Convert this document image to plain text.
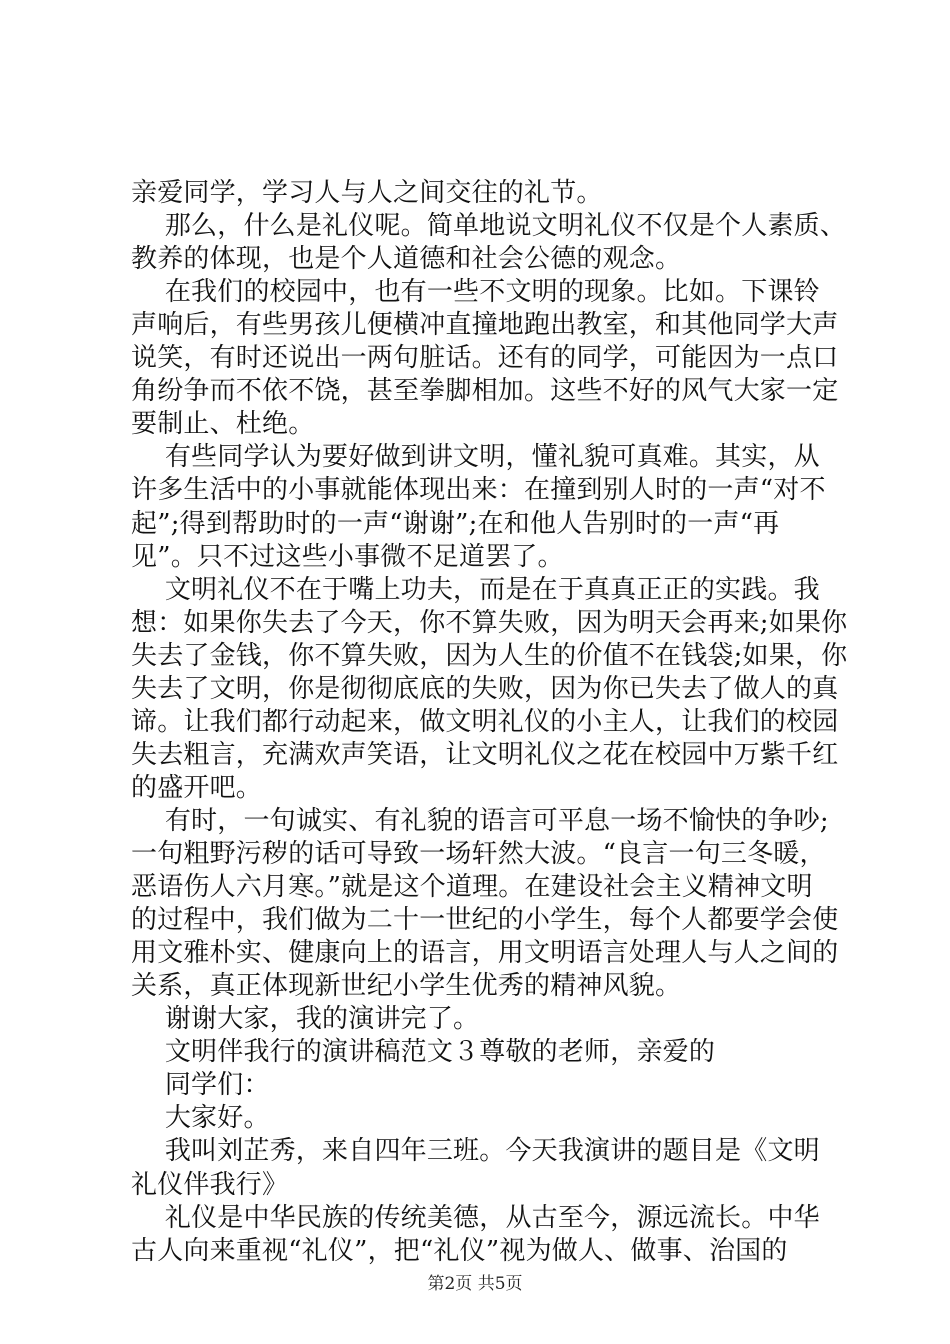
亲爱同学，学习人与人之间交往的礼节。
那么，什么是礼仪呢。简单地说文明礼仪不仅是个人素质、
教养的体现，也是个人道德和社会公德的观念。
在我们的校园中，也有一些不文明的现象。比如。下课铃
声响后，有些男孩儿便横冲直撞地跑出教室，和其他同学大声
说笑，有时还说出一两句脏话。还有的同学，可能因为一点口
角纷争而不依不饶，甚至拳脚相加。这些不好的风气大家一定
要制止、杜绝。
有些同学认为要好做到讲文明，懂礼貌可真难。其实，从
许多生活中的小事就能体现出来：在撞到别人时的一声“对不
起”;得到帮助时的一声“谢谢”;在和他人告别时的一声“再
见”。只不过这些小事微不足道罢了。
文明礼仪不在于嘴上功夫，而是在于真真正正的实践。我
想：如果你失去了今天，你不算失败，因为明天会再来;如果你
失去了金钱，你不算失败，因为人生的价值不在钱袋;如果，你
失去了文明，你是彻彻底底的失败，因为你已失去了做人的真
谛。让我们都行动起来，做文明礼仪的小主人，让我们的校园
失去粗言，充满欢声笑语，让文明礼仪之花在校园中万紫千红
的盛开吧。
有时，一句诚实、有礼貌的语言可平息一场不愉快的争吵;
一句粗野污秽的话可导致一场轩然大波。“良言一句三冬暖，
恶语伤人六月寒。”就是这个道理。在建设社会主义精神文明
的过程中，我们做为二十一世纪的小学生，每个人都要学会使
用文雅朴实、健康向上的语言，用文明语言处理人与人之间的
关系，真正体现新世纪小学生优秀的精神风貌。
谢谢大家，我的演讲完了。
文明伴我行的演讲稿范文３尊敬的老师，亲爱的
同学们：
大家好。
我叫刘芷秀，来自四年三班。今天我演讲的题目是《文明
礼仪伴我行》
礼仪是中华民族的传统美德，从古至今，源远流长。中华
古人向来重视“礼仪”，把“礼仪”视为做人、做事、治国的
第2页 共5页
